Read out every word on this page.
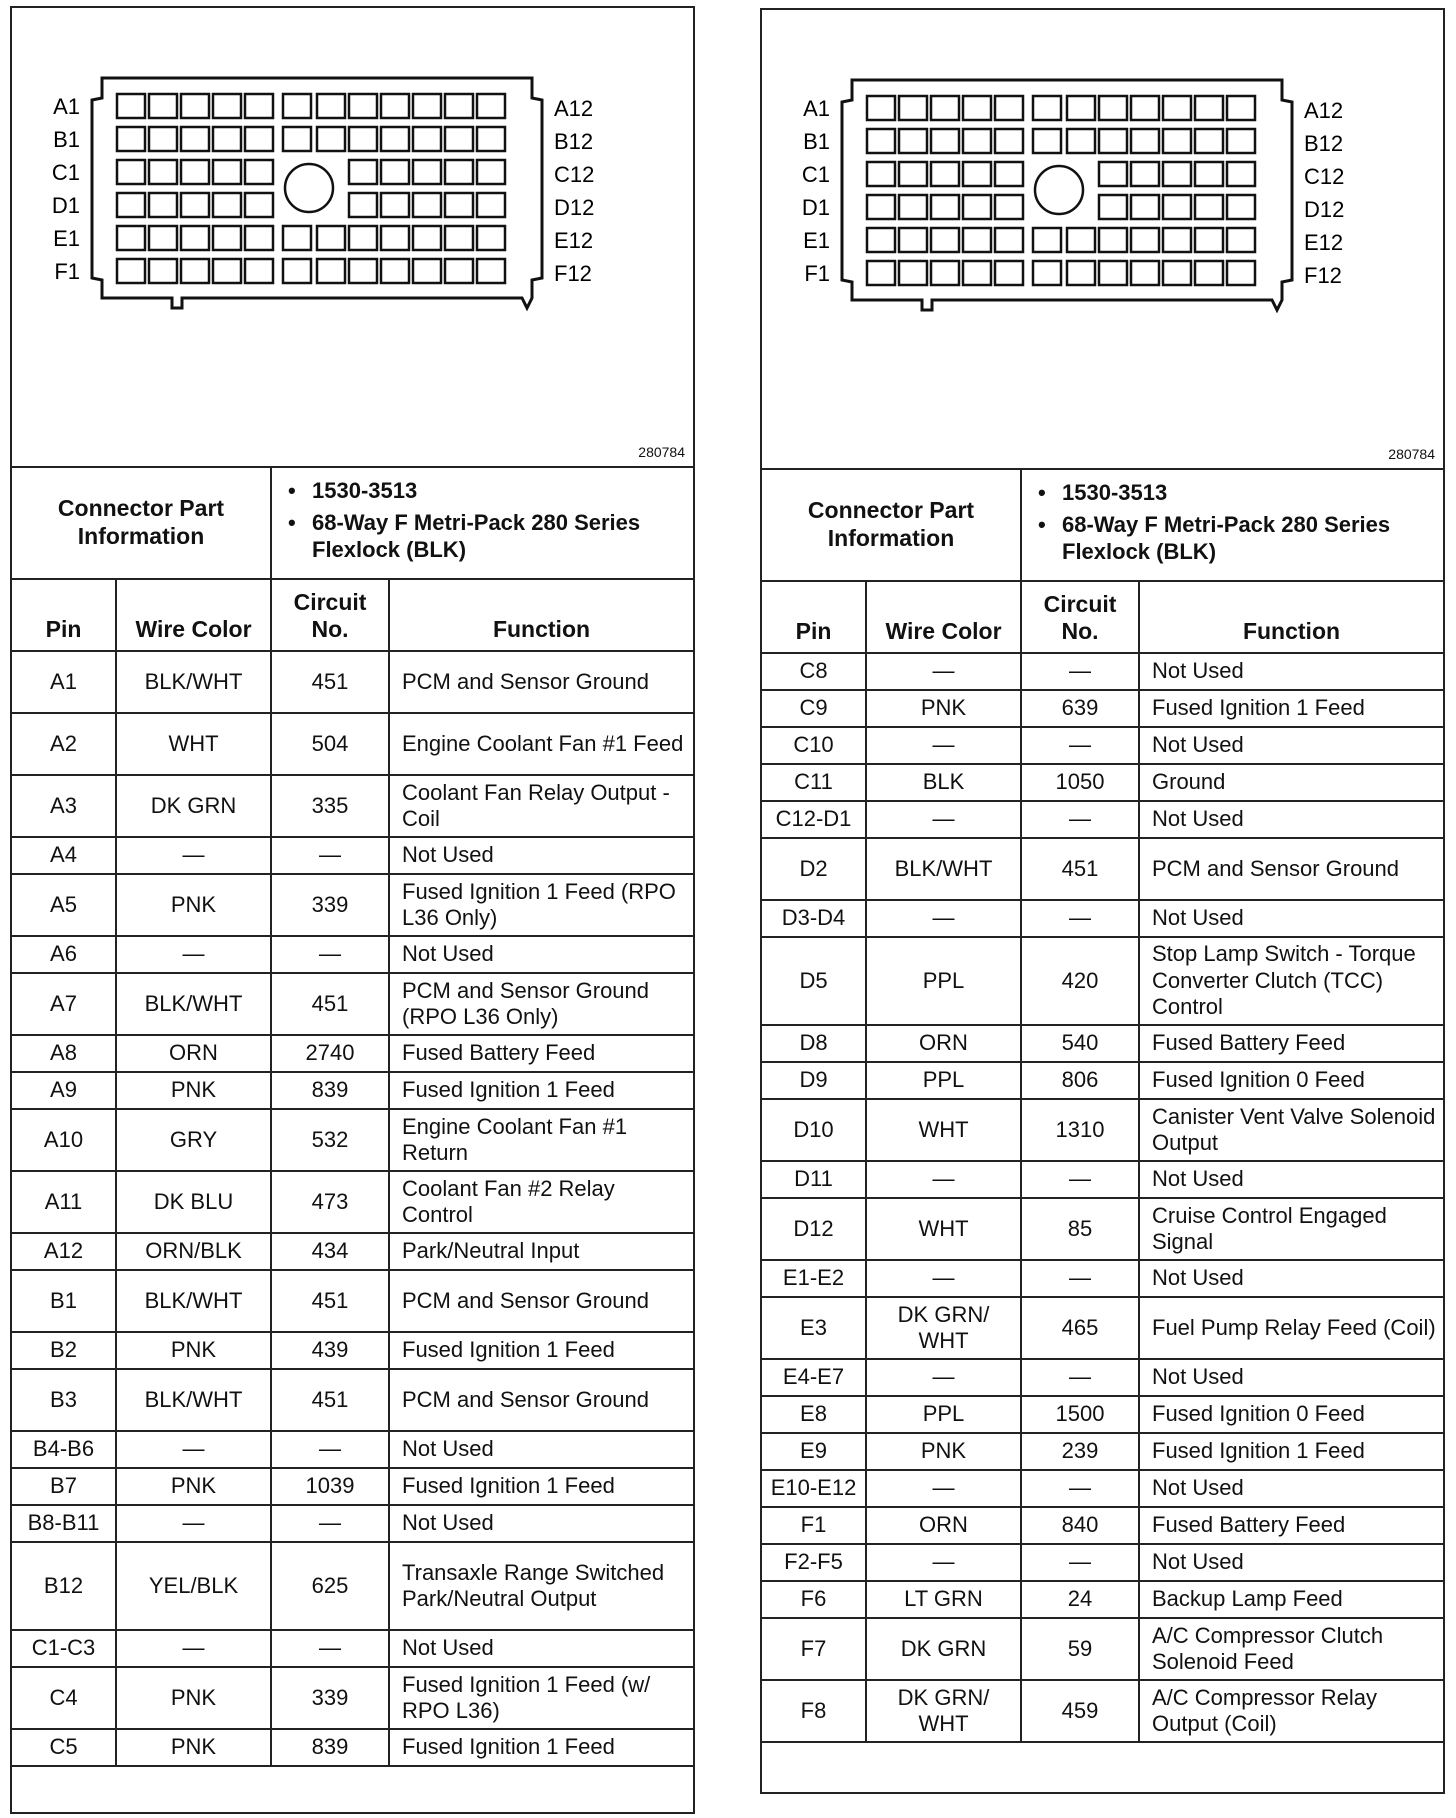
A1	A12
B1	B12
C1	C12
D1	D12
E1	E12
F1	F12
280784
Connector Part Information
• 1530-3513
• 68-Way F Metri-Pack 280 Series Flexlock (BLK)
Pin	Wire Color	Circuit No.	Function
A1	BLK/WHT	451	PCM and Sensor Ground
A2	WHT	504	Engine Coolant Fan #1 Feed
A3	DK GRN	335	Coolant Fan Relay Output - Coil
A4	—	—	Not Used
A5	PNK	339	Fused Ignition 1 Feed (RPO L36 Only)
A6	—	—	Not Used
A7	BLK/WHT	451	PCM and Sensor Ground (RPO L36 Only)
A8	ORN	2740	Fused Battery Feed
A9	PNK	839	Fused Ignition 1 Feed
A10	GRY	532	Engine Coolant Fan #1 Return
A11	DK BLU	473	Coolant Fan #2 Relay Control
A12	ORN/BLK	434	Park/Neutral Input
B1	BLK/WHT	451	PCM and Sensor Ground
B2	PNK	439	Fused Ignition 1 Feed
B3	BLK/WHT	451	PCM and Sensor Ground
B4-B6	—	—	Not Used
B7	PNK	1039	Fused Ignition 1 Feed
B8-B11	—	—	Not Used
B12	YEL/BLK	625	Transaxle Range Switched Park/Neutral Output
C1-C3	—	—	Not Used
C4	PNK	339	Fused Ignition 1 Feed (w/ RPO L36)
C5	PNK	839	Fused Ignition 1 Feed
A1	A12
B1	B12
C1	C12
D1	D12
E1	E12
F1	F12
280784
Connector Part Information
• 1530-3513
• 68-Way F Metri-Pack 280 Series Flexlock (BLK)
Pin	Wire Color	Circuit No.	Function
C8	—	—	Not Used
C9	PNK	639	Fused Ignition 1 Feed
C10	—	—	Not Used
C11	BLK	1050	Ground
C12-D1	—	—	Not Used
D2	BLK/WHT	451	PCM and Sensor Ground
D3-D4	—	—	Not Used
D5	PPL	420	Stop Lamp Switch - Torque Converter Clutch (TCC) Control
D8	ORN	540	Fused Battery Feed
D9	PPL	806	Fused Ignition 0 Feed
D10	WHT	1310	Canister Vent Valve Solenoid Output
D11	—	—	Not Used
D12	WHT	85	Cruise Control Engaged Signal
E1-E2	—	—	Not Used
E3	DK GRN/ WHT	465	Fuel Pump Relay Feed (Coil)
E4-E7	—	—	Not Used
E8	PPL	1500	Fused Ignition 0 Feed
E9	PNK	239	Fused Ignition 1 Feed
E10-E12	—	—	Not Used
F1	ORN	840	Fused Battery Feed
F2-F5	—	—	Not Used
F6	LT GRN	24	Backup Lamp Feed
F7	DK GRN	59	A/C Compressor Clutch Solenoid Feed
F8	DK GRN/ WHT	459	A/C Compressor Relay Output (Coil)
